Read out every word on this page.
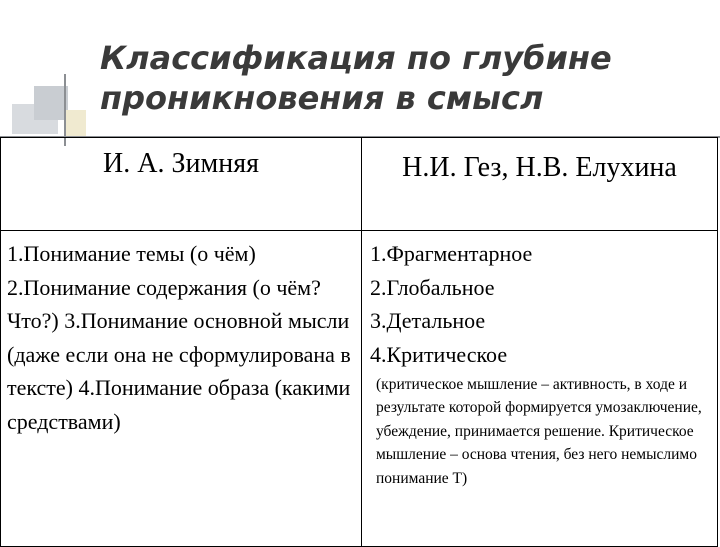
Классификация по глубине проникновения в смысл
И. А. Зимняя	Н.И. Гез, Н.В. Елухина

1.Понимание темы (о чём) 2.Понимание содержания (о чём? Что?) 3.Понимание основной мысли (даже если она не сформулирована в тексте) 4.Понимание образа (какими средствами)	1.Фрагментарное
2.Глобальное
3.Детальное
4.Критическое
(критическое мышление – активность, в ходе и результате которой формируется умозаключение, убеждение, принимается решение. Критическое мышление – основа чтения, без него немыслимо понимание Т)
